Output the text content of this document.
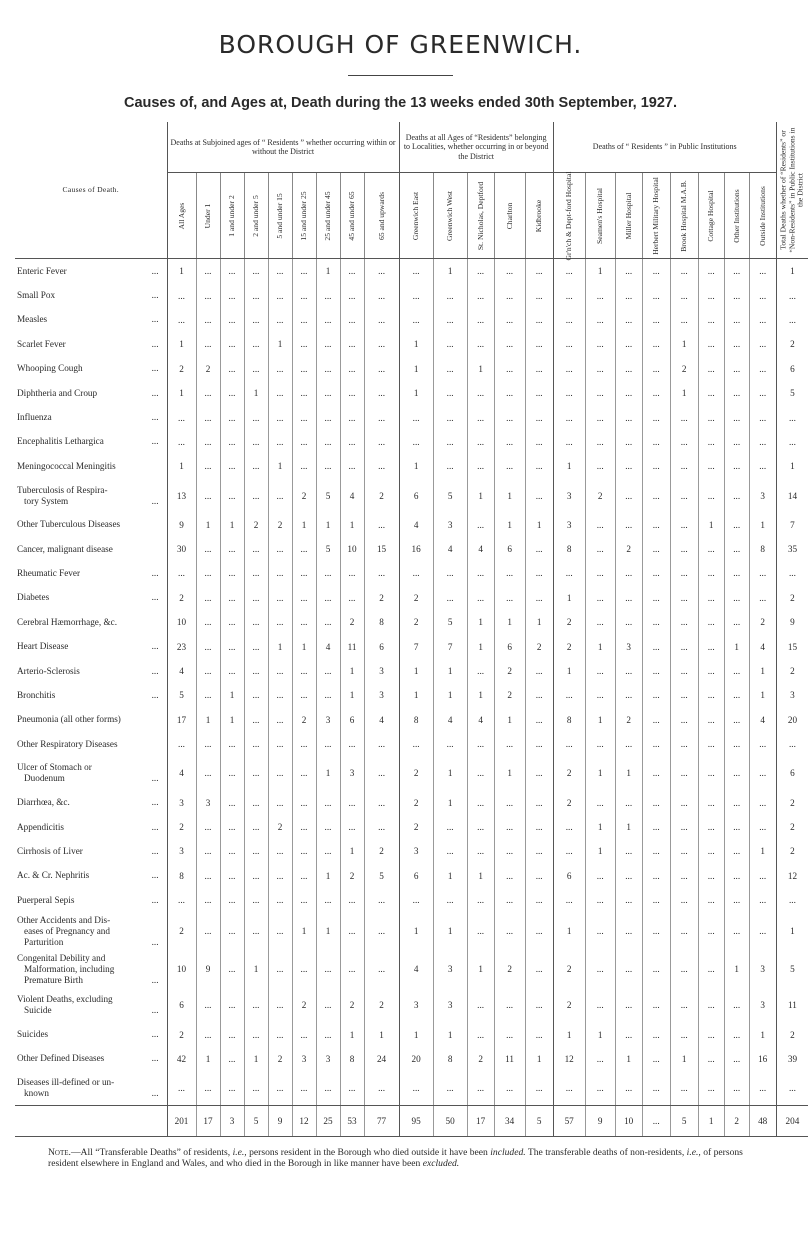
BOROUGH OF GREENWICH.
Causes of, and Ages at, Death during the 13 weeks ended 30th September, 1927.
Causes of Death.	Deaths at Subjoined ages of “ Residents ” whether occurring within or without the District									Deaths at all Ages of “Residents” belonging to Localities, whether occurring in or beyond the District					Deaths of “ Residents ” in Public Institutions								Total Deaths whether of “Residents” or “Non-Residents” in Public Institutions in the District

	All Ages	Under 1	1 and under 2	2 and under 5	5 and under 15	15 and under 25	25 and under 45	45 and under 65	65 and upwards	Greenwich East	Greenwich West	St. Nicholas, Deptford	Charlton	Kidbrooke	Gr'n'ch & Dept-ford Hospital	Seamen's Hospital	Miller Hospital	Herbert Military Hospital	Brook Hospital M.A.B.	Cottage Hospital	Other Institutions	Outside Institutions	

Enteric Fever ...	1	...	...	...	...	...	1	...	...	...	1	...	...	...	...	1	...	...	...	...	...	...	1

Small Pox ...	...	...	...	...	...	...	...	...	...	...	...	...	...	...	...	...	...	...	...	...	...	...	...

Measles ...	...	...	...	...	...	...	...	...	...	...	...	...	...	...	...	...	...	...	...	...	...	...	...

Scarlet Fever ...	1	...	...	...	1	...	...	...	...	1	...	...	...	...	...	...	...	...	1	...	...	...	2

Whooping Cough ...	2	2	...	...	...	...	...	...	...	1	...	1	...	...	...	...	...	...	2	...	...	...	6

Diphtheria and Croup ...	1	...	...	1	...	...	...	...	...	1	...	...	...	...	...	...	...	...	1	...	...	...	5

Influenza ...	...	...	...	...	...	...	...	...	...	...	...	...	...	...	...	...	...	...	...	...	...	...	...

Encephalitis Lethargica ...	...	...	...	...	...	...	...	...	...	...	...	...	...	...	...	...	...	...	...	...	...	...	...

Meningococcal Meningitis	1	...	...	...	1	...	...	...	...	1	...	...	...	...	1	...	...	...	...	...	...	...	1

Tuberculosis of Respira-
tory System ...	13	...	...	...	...	2	5	4	2	6	5	1	1	...	3	2	...	...	...	...	...	3	14

Other Tuberculous Diseases	9	1	1	2	2	1	1	1	...	4	3	...	1	1	3	...	...	...	...	1	...	1	7

Cancer, malignant disease	30	...	...	...	...	...	5	10	15	16	4	4	6	...	8	...	2	...	...	...	...	8	35

Rheumatic Fever ...	...	...	...	...	...	...	...	...	...	...	...	...	...	...	...	...	...	...	...	...	...	...	...

Diabetes ...	2	...	...	...	...	...	...	...	2	2	...	...	...	...	1	...	...	...	...	...	...	...	2

Cerebral Hæmorrhage, &c.	10	...	...	...	...	...	...	2	8	2	5	1	1	1	2	...	...	...	...	...	...	2	9

Heart Disease ...	23	...	...	...	1	1	4	11	6	7	7	1	6	2	2	1	3	...	...	...	1	4	15

Arterio-Sclerosis ...	4	...	...	...	...	...	...	1	3	1	1	...	2	...	1	...	...	...	...	...	...	1	2

Bronchitis ...	5	...	1	...	...	...	...	1	3	1	1	1	2	...	...	...	...	...	...	...	...	1	3

Pneumonia (all other forms)	17	1	1	...	...	2	3	6	4	8	4	4	1	...	8	1	2	...	...	...	...	4	20

Other Respiratory Diseases	...	...	...	...	...	...	...	...	...	...	...	...	...	...	...	...	...	...	...	...	...	...	...

Ulcer of Stomach or
Duodenum ...	4	...	...	...	...	...	1	3	...	2	1	...	1	...	2	1	1	...	...	...	...	...	6

Diarrhœa, &c. ...	3	3	...	...	...	...	...	...	...	2	1	...	...	...	2	...	...	...	...	...	...	...	2

Appendicitis ...	2	...	...	...	2	...	...	...	...	2	...	...	...	...	...	1	1	...	...	...	...	...	2

Cirrhosis of Liver ...	3	...	...	...	...	...	...	1	2	3	...	...	...	...	...	1	...	...	...	...	...	1	2

Ac. & Cr. Nephritis ...	8	...	...	...	...	...	1	2	5	6	1	1	...	...	6	...	...	...	...	...	...	...	12

Puerperal Sepis ...	...	...	...	...	...	...	...	...	...	...	...	...	...	...	...	...	...	...	...	...	...	...	...

Other Accidents and Dis-
eases of Pregnancy and
Parturition ...	2	...	...	...	...	1	1	...	...	1	1	...	...	...	1	...	...	...	...	...	...	...	1

Congenital Debility and
Malformation, including
Premature Birth ...	10	9	...	1	...	...	...	...	...	4	3	1	2	...	2	...	...	...	...	...	1	3	5

Violent Deaths, excluding
Suicide ...	6	...	...	...	...	2	...	2	2	3	3	...	...	...	2	...	...	...	...	...	...	3	11

Suicides ...	2	...	...	...	...	...	...	1	1	1	1	...	...	...	1	1	...	...	...	...	...	1	2

Other Defined Diseases ...	42	1	...	1	2	3	3	8	24	20	8	2	11	1	12	...	1	...	1	...	...	16	39

Diseases ill-defined or un-
known ...	...	...	...	...	...	...	...	...	...	...	...	...	...	...	...	...	...	...	...	...	...	...	...
	201	17	3	5	9	12	25	53	77	95	50	17	34	5	57	9	10	...	5	1	2	48	204
Note.—All “Transferable Deaths” of residents, i.e., persons resident in the Borough who died outside it have been included. The transferable deaths of non-residents, i.e., of persons resident elsewhere in England and Wales, and who died in the Borough in like manner have been excluded.
